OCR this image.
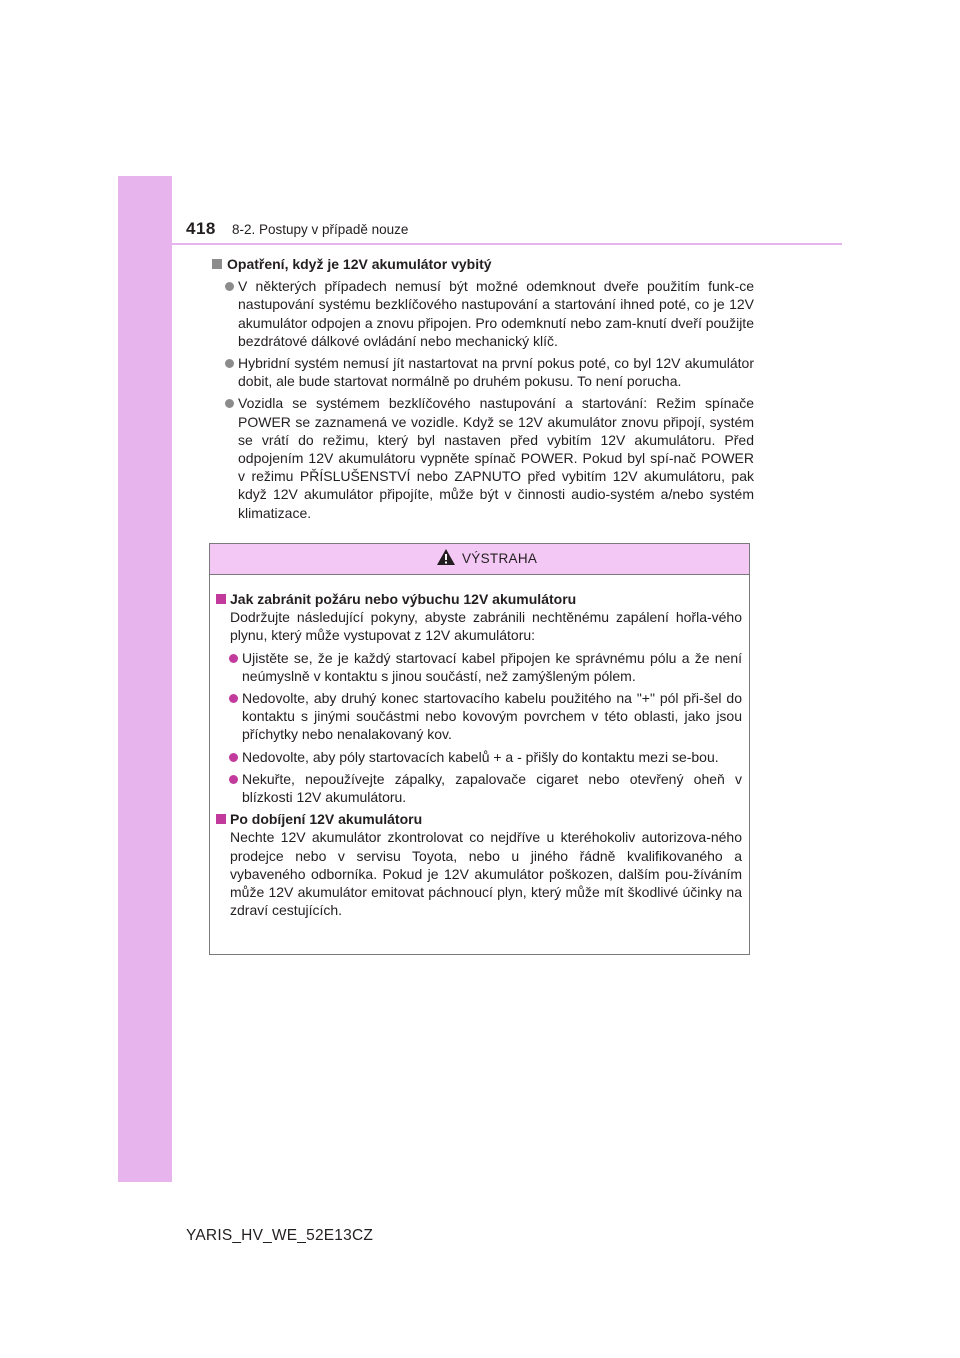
418 8-2. Postupy v případě nouze
Opatření, když je 12V akumulátor vybitý
V některých případech nemusí být možné odemknout dveře použitím funk-ce nastupování systému bezklíčového nastupování a startování ihned poté, co je 12V akumulátor odpojen a znovu připojen. Pro odemknutí nebo zam-knutí dveří použijte bezdrátové dálkové ovládání nebo mechanický klíč.
Hybridní systém nemusí jít nastartovat na první pokus poté, co byl 12V akumulátor dobit, ale bude startovat normálně po druhém pokusu. To není porucha.
Vozidla se systémem bezklíčového nastupování a startování: Režim spínače POWER se zaznamená ve vozidle. Když se 12V akumulátor znovu připojí, systém se vrátí do režimu, který byl nastaven před vybitím 12V akumulátoru. Před odpojením 12V akumulátoru vypněte spínač POWER. Pokud byl spí-nač POWER v režimu PŘÍSLUŠENSTVÍ nebo ZAPNUTO před vybitím 12V akumulátoru, pak když 12V akumulátor připojíte, může být v činnosti audio-systém a/nebo systém klimatizace.
VÝSTRAHA
Jak zabránit požáru nebo výbuchu 12V akumulátoru
Dodržujte následující pokyny, abyste zabránili nechtěnému zapálení hořla-vého plynu, který může vystupovat z 12V akumulátoru:
Ujistěte se, že je každý startovací kabel připojen ke správnému pólu a že není neúmyslně v kontaktu s jinou součástí, než zamýšleným pólem.
Nedovolte, aby druhý konec startovacího kabelu použitého na "+" pól při-šel do kontaktu s jinými součástmi nebo kovovým povrchem v této oblasti, jako jsou příchytky nebo nenalakovaný kov.
Nedovolte, aby póly startovacích kabelů + a - přišly do kontaktu mezi se-bou.
Nekuřte, nepoužívejte zápalky, zapalovače cigaret nebo otevřený oheň v blízkosti 12V akumulátoru.
Po dobíjení 12V akumulátoru
Nechte 12V akumulátor zkontrolovat co nejdříve u kteréhokoliv autorizova-ného prodejce nebo v servisu Toyota, nebo u jiného řádně kvalifikovaného a vybaveného odborníka. Pokud je 12V akumulátor poškozen, dalším pou-žíváním může 12V akumulátor emitovat páchnoucí plyn, který může mít škodlivé účinky na zdraví cestujících.
YARIS_HV_WE_52E13CZ
